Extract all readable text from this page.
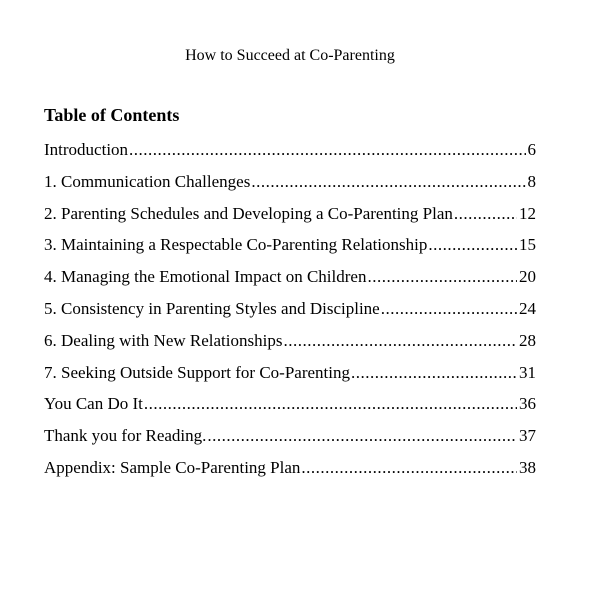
How to Succeed at Co-Parenting
Table of Contents
Introduction .....	6
1. Communication Challenges .....	8
2. Parenting Schedules and Developing a Co-Parenting Plan .....	12
3. Maintaining a Respectable Co-Parenting Relationship .....	15
4. Managing the Emotional Impact on Children .....	20
5. Consistency in Parenting Styles and Discipline .....	24
6. Dealing with New Relationships .....	28
7. Seeking Outside Support for Co-Parenting .....	31
You Can Do It .....	36
Thank you for Reading. .....	37
Appendix: Sample Co-Parenting Plan .....	38
